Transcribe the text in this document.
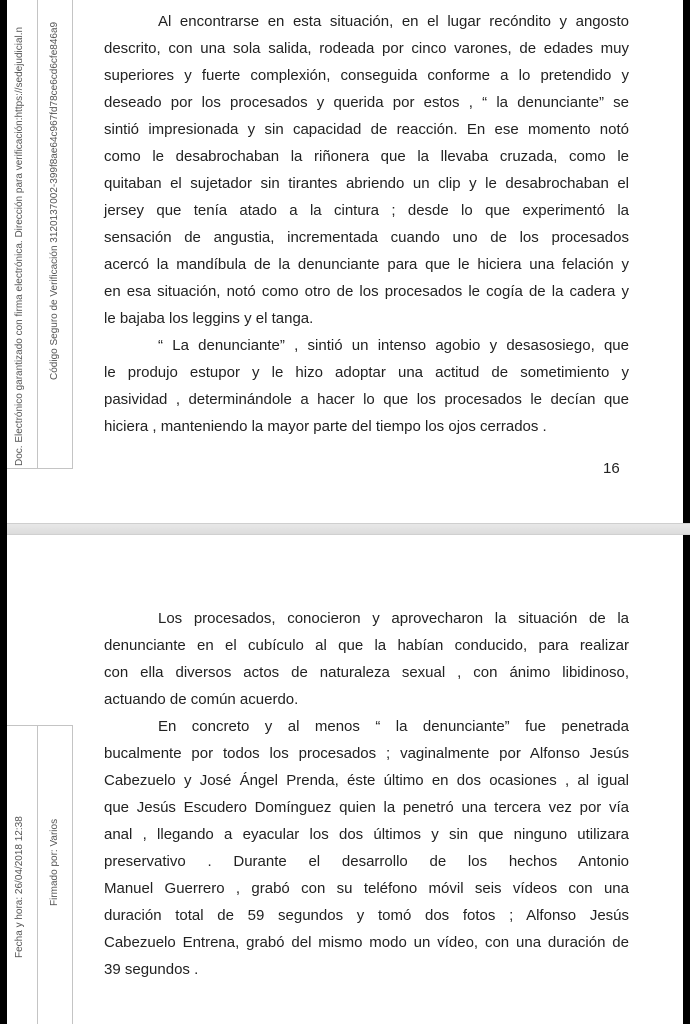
Doc. Electrónico garantizado con firma electrónica. Dirección para verificación:https://sedejudicial.n Código Seguro de Verificación 3120137002-399f8ae64c967fd78ce6cd6cfe846a9
Al encontrarse en esta situación, en el lugar recóndito y angosto
descrito, con una sola salida, rodeada por cinco varones, de edades muy
superiores y fuerte complexión, conseguida conforme a lo pretendido y
deseado por los procesados y querida por estos , “ la denunciante” se
sintió impresionada y sin capacidad de reacción. En ese momento notó
como le desabrochaban la riñonera que la llevaba cruzada, como le
quitaban el sujetador sin tirantes abriendo un clip y le desabrochaban el
jersey que tenía atado a la cintura ; desde lo que experimentó la
sensación de angustia, incrementada cuando uno de los procesados
acercó la mandíbula de la denunciante para que le hiciera una felación y
en esa situación, notó como otro de los procesados le cogía de la cadera y
le bajaba los leggins y el tanga.
“ La denunciante” , sintió un intenso agobio y desasosiego, que
le produjo estupor y le hizo adoptar una actitud de sometimiento y
pasividad , determinándole a hacer lo que los procesados le decían que
hiciera , manteniendo la mayor parte del tiempo los ojos cerrados .
16
Fecha y hora: 26/04/2018 12:38 Firmado por: Varios
Los procesados, conocieron y aprovecharon la situación de la
denunciante en el cubículo al que la habían conducido, para realizar
con ella diversos actos de naturaleza sexual , con ánimo libidinoso,
actuando de común acuerdo.
En concreto y al menos “ la denunciante” fue penetrada
bucalmente por todos los procesados ; vaginalmente por Alfonso Jesús
Cabezuelo y José Ángel Prenda, éste último en dos ocasiones , al igual
que Jesús Escudero Domínguez quien la penetró una tercera vez por vía
anal , llegando a eyacular los dos últimos y sin que ninguno utilizara
preservativo . Durante el desarrollo de los hechos Antonio
Manuel Guerrero , grabó con su teléfono móvil seis vídeos con una
duración total de 59 segundos y tomó dos fotos ; Alfonso Jesús
Cabezuelo Entrena, grabó del mismo modo un vídeo, con una duración de
39 segundos .
